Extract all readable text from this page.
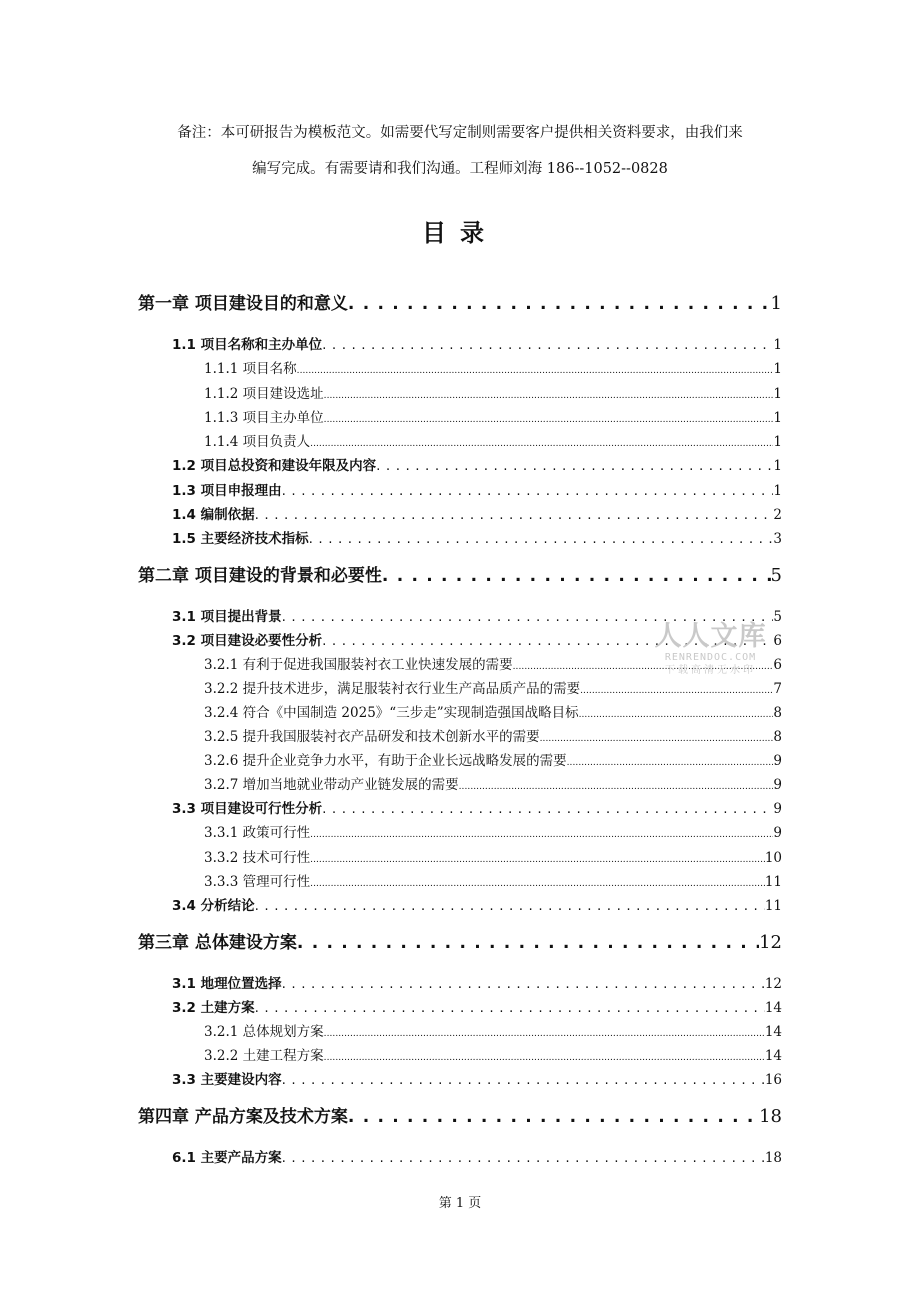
备注：本可研报告为模板范文。如需要代写定制则需要客户提供相关资料要求，由我们来
编写完成。有需要请和我们沟通。工程师刘海 186--1052--0828
目录
第一章 项目建设目的和意义 . . .	1
1.1 项目名称和主办单位 . . .	1
1.1.1 项目名称 . . .	1
1.1.2 项目建设选址 . . .	1
1.1.3 项目主办单位 . . .	1
1.1.4 项目负责人 . . .	1
1.2 项目总投资和建设年限及内容 . . .	1
1.3 项目申报理由 . . .	1
1.4 编制依据 . . .	2
1.5 主要经济技术指标 . . .	3
第二章 项目建设的背景和必要性 . . .	5
3.1 项目提出背景 . . .	5
3.2 项目建设必要性分析 . . .	6
3.2.1 有利于促进我国服装衬衣工业快速发展的需要 . . .	6
3.2.2 提升技术进步，满足服装衬衣行业生产高品质产品的需要 . . .	7
3.2.4 符合《中国制造 2025》“三步走”实现制造强国战略目标 . . .	8
3.2.5 提升我国服装衬衣产品研发和技术创新水平的需要 . . .	8
3.2.6 提升企业竞争力水平，有助于企业长远战略发展的需要 . . .	9
3.2.7 增加当地就业带动产业链发展的需要 . . .	9
3.3 项目建设可行性分析 . . .	9
3.3.1 政策可行性 . . .	9
3.3.2 技术可行性 . . .	10
3.3.3 管理可行性 . . .	11
3.4 分析结论 . . .	11
第三章 总体建设方案 . . .	12
3.1 地理位置选择 . . .	12
3.2 土建方案 . . .	14
3.2.1 总体规划方案 . . .	14
3.2.2 土建工程方案 . . .	14
3.3 主要建设内容 . . .	16
第四章 产品方案及技术方案 . . .	18
6.1 主要产品方案 . . .	18
人人文库
RENRENDOC.COM
下载高清无水印
第 1 页
